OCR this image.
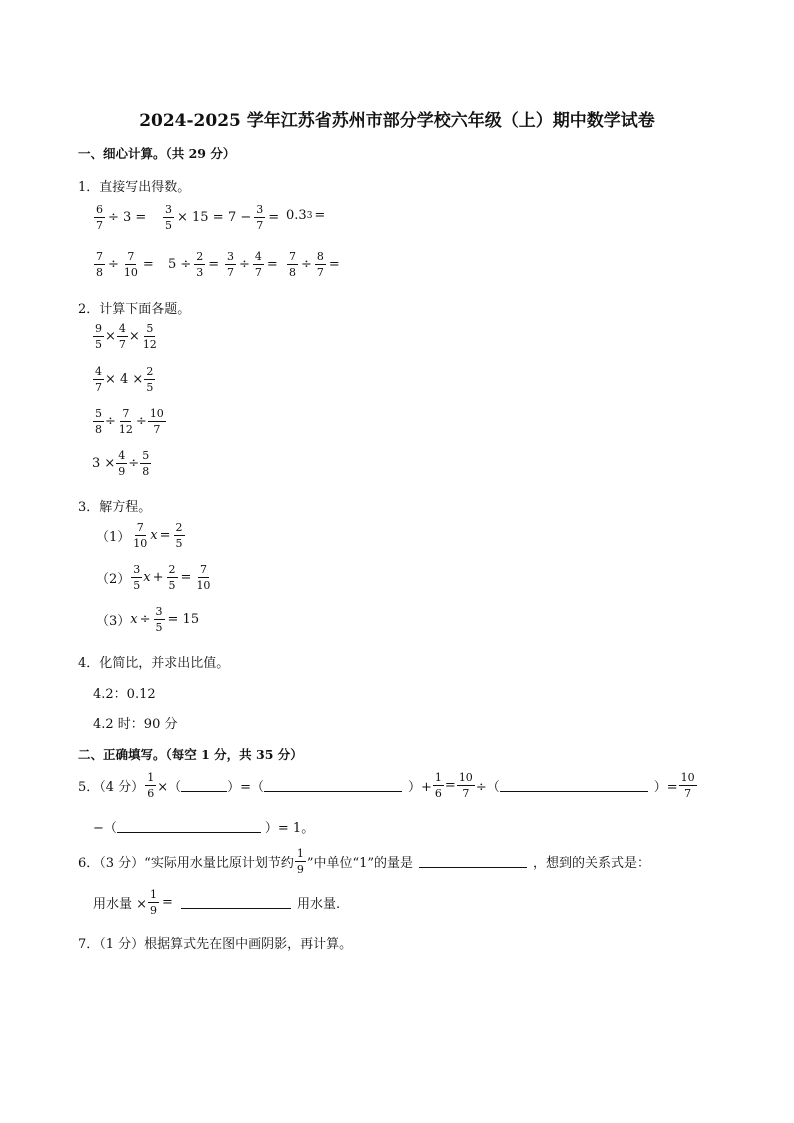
2024-2025 学年江苏省苏州市部分学校六年级（上）期中数学试卷
一、细心计算。（共 29 分）
1．直接写出得数。
$\frac{6}{7} \div 3 = \frac{3}{5} \times 15 = 7 - \frac{3}{7} = 0.3$ 3 =
$\frac{7}{8} \div \frac{7}{10} = 5 \div \frac{2}{3} = \frac{3}{7} \div \frac{4}{7} = \frac{7}{8} \div \frac{8}{7}$ =
2．计算下面各题。
$\frac{9}{5} \times \frac{4}{7} \times \frac{5}{12}$
$\frac{4}{7} \times 4 \times \frac{2}{5}$
$\frac{5}{8} \div \frac{7}{12} \div \frac{10}{7}$
$3 \times \frac{4}{9} \div \frac{5}{8}$
3．解方程。
$(1) \frac{7}{10}$ $x = \frac{2}{5}$
$(2) \frac{3}{5}$ $x + \frac{2}{5} = \frac{7}{10}$
（3） $x \div \frac{3}{5} = 15$
4．化简比，并求出比值。
4.2：0.12
4.2 时：90 分
二、正确填写。（每空 1 分，共 35 分）
5．（4 分） $\frac{1}{6}$ ×（	）=（	）+ $\frac{1}{6} = \frac{10}{7}$ ÷（	）= $\frac{10}{7}$
−（	）= 1。
6．（3 分）“实际用水量比原计划节约 $\frac{1}{9}$ ”中单位“1”的量是	，想到的关系式是：
用水量 × $\frac{1}{9}$ =	用水量.
7．（1 分）根据算式先在图中画阴影，再计算。
